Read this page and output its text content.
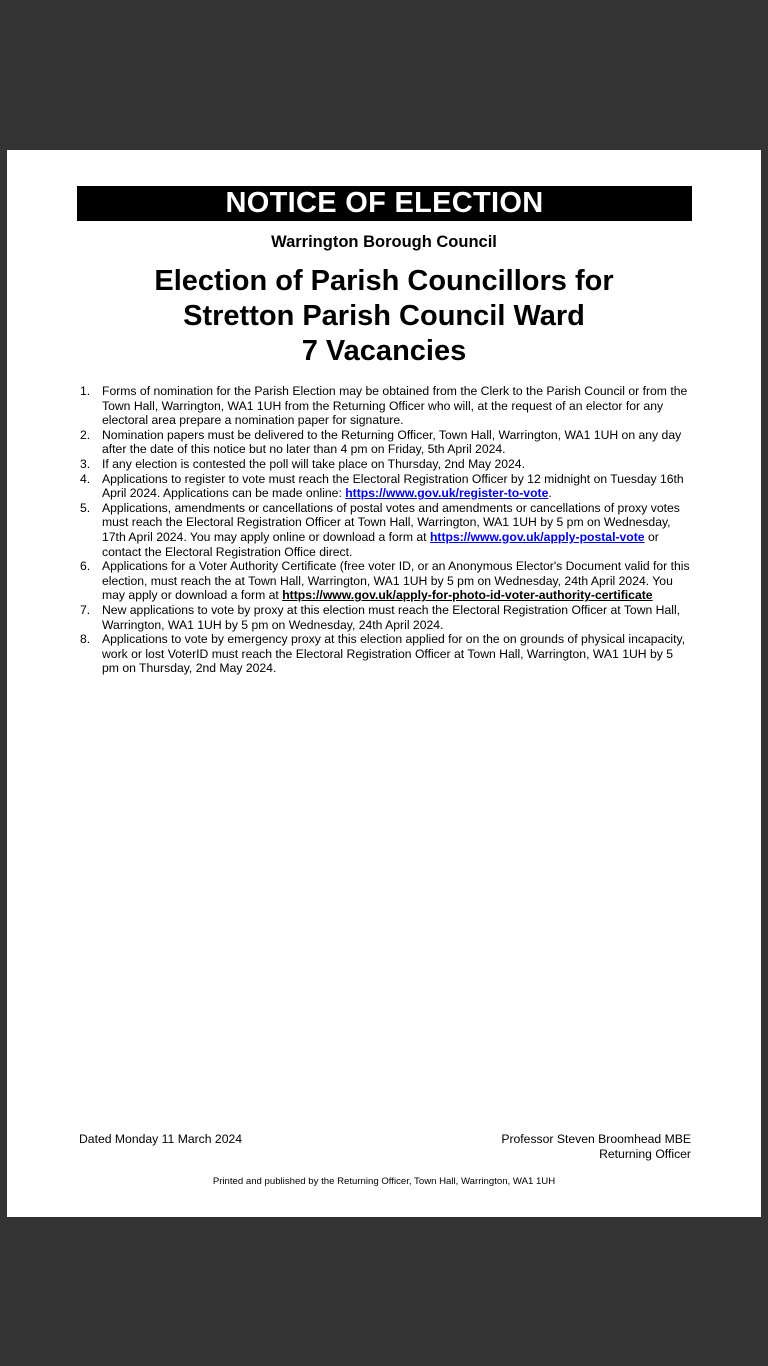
NOTICE OF ELECTION
Warrington Borough Council
Election of Parish Councillors for
Stretton Parish Council Ward
7 Vacancies
1. Forms of nomination for the Parish Election may be obtained from the Clerk to the Parish Council or from the Town Hall, Warrington, WA1 1UH from the Returning Officer who will, at the request of an elector for any electoral area prepare a nomination paper for signature.
2. Nomination papers must be delivered to the Returning Officer, Town Hall, Warrington, WA1 1UH on any day after the date of this notice but no later than 4 pm on Friday, 5th April 2024.
3. If any election is contested the poll will take place on Thursday, 2nd May 2024.
4. Applications to register to vote must reach the Electoral Registration Officer by 12 midnight on Tuesday 16th April 2024. Applications can be made online: https://www.gov.uk/register-to-vote.
5. Applications, amendments or cancellations of postal votes and amendments or cancellations of proxy votes must reach the Electoral Registration Officer at Town Hall, Warrington, WA1 1UH by 5 pm on Wednesday, 17th April 2024. You may apply online or download a form at https://www.gov.uk/apply-postal-vote or contact the Electoral Registration Office direct.
6. Applications for a Voter Authority Certificate (free voter ID, or an Anonymous Elector's Document valid for this election, must reach the at Town Hall, Warrington, WA1 1UH by 5 pm on Wednesday, 24th April 2024. You may apply or download a form at https://www.gov.uk/apply-for-photo-id-voter-authority-certificate
7. New applications to vote by proxy at this election must reach the Electoral Registration Officer at Town Hall, Warrington, WA1 1UH by 5 pm on Wednesday, 24th April 2024.
8. Applications to vote by emergency proxy at this election applied for on the on grounds of physical incapacity, work or lost VoterID must reach the Electoral Registration Officer at Town Hall, Warrington, WA1 1UH by 5 pm on Thursday, 2nd May 2024.
Dated Monday 11 March 2024	Professor Steven Broomhead MBE
Returning Officer
Printed and published by the Returning Officer, Town Hall, Warrington, WA1 1UH
